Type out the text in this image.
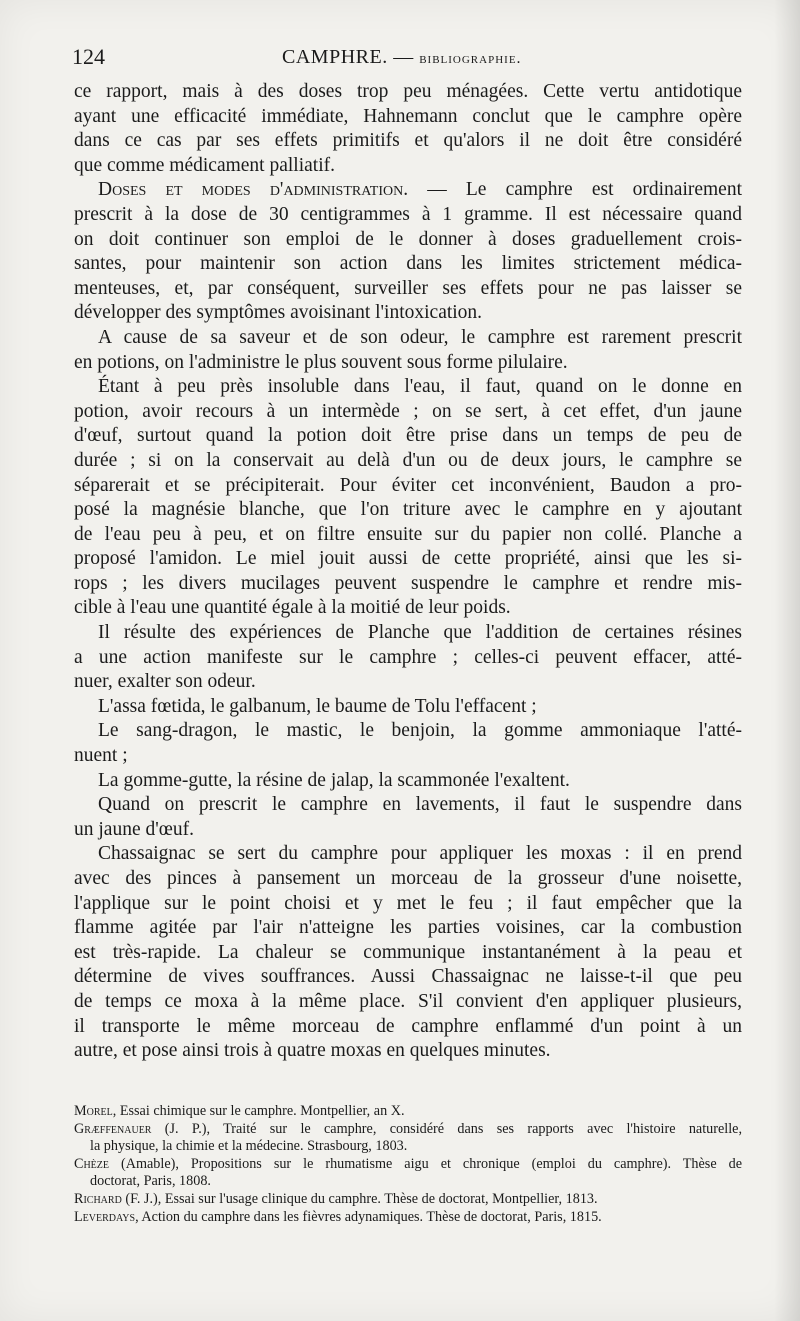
124	CAMPHRE. — bibliographie.
ce rapport, mais à des doses trop peu ménagées. Cette vertu antidotique
ayant une efficacité immédiate, Hahnemann conclut que le camphre opère
dans ce cas par ses effets primitifs et qu'alors il ne doit être considéré
que comme médicament palliatif.
Doses et modes d'administration. — Le camphre est ordinairement
prescrit à la dose de 30 centigrammes à 1 gramme. Il est nécessaire quand
on doit continuer son emploi de le donner à doses graduellement crois-
santes, pour maintenir son action dans les limites strictement médica-
menteuses, et, par conséquent, surveiller ses effets pour ne pas laisser se
développer des symptômes avoisinant l'intoxication.
A cause de sa saveur et de son odeur, le camphre est rarement prescrit
en potions, on l'administre le plus souvent sous forme pilulaire.
Étant à peu près insoluble dans l'eau, il faut, quand on le donne en
potion, avoir recours à un intermède ; on se sert, à cet effet, d'un jaune
d'œuf, surtout quand la potion doit être prise dans un temps de peu de
durée ; si on la conservait au delà d'un ou de deux jours, le camphre se
séparerait et se précipiterait. Pour éviter cet inconvénient, Baudon a pro-
posé la magnésie blanche, que l'on triture avec le camphre en y ajoutant
de l'eau peu à peu, et on filtre ensuite sur du papier non collé. Planche a
proposé l'amidon. Le miel jouit aussi de cette propriété, ainsi que les si-
rops ; les divers mucilages peuvent suspendre le camphre et rendre mis-
cible à l'eau une quantité égale à la moitié de leur poids.
Il résulte des expériences de Planche que l'addition de certaines résines
a une action manifeste sur le camphre ; celles-ci peuvent effacer, atté-
nuer, exalter son odeur.
L'assa fœtida, le galbanum, le baume de Tolu l'effacent ;
Le sang-dragon, le mastic, le benjoin, la gomme ammoniaque l'atté-
nuent ;
La gomme-gutte, la résine de jalap, la scammonée l'exaltent.
Quand on prescrit le camphre en lavements, il faut le suspendre dans
un jaune d'œuf.
Chassaignac se sert du camphre pour appliquer les moxas : il en prend
avec des pinces à pansement un morceau de la grosseur d'une noisette,
l'applique sur le point choisi et y met le feu ; il faut empêcher que la
flamme agitée par l'air n'atteigne les parties voisines, car la combustion
est très-rapide. La chaleur se communique instantanément à la peau et
détermine de vives souffrances. Aussi Chassaignac ne laisse-t-il que peu
de temps ce moxa à la même place. S'il convient d'en appliquer plusieurs,
il transporte le même morceau de camphre enflammé d'un point à un
autre, et pose ainsi trois à quatre moxas en quelques minutes.
Morel, Essai chimique sur le camphre. Montpellier, an X.
Græffenauer (J. P.), Traité sur le camphre, considéré dans ses rapports avec l'histoire naturelle,
la physique, la chimie et la médecine. Strasbourg, 1803.
Chèze (Amable), Propositions sur le rhumatisme aigu et chronique (emploi du camphre). Thèse de
doctorat, Paris, 1808.
Richard (F. J.), Essai sur l'usage clinique du camphre. Thèse de doctorat, Montpellier, 1813.
Leverdays, Action du camphre dans les fièvres adynamiques. Thèse de doctorat, Paris, 1815.
